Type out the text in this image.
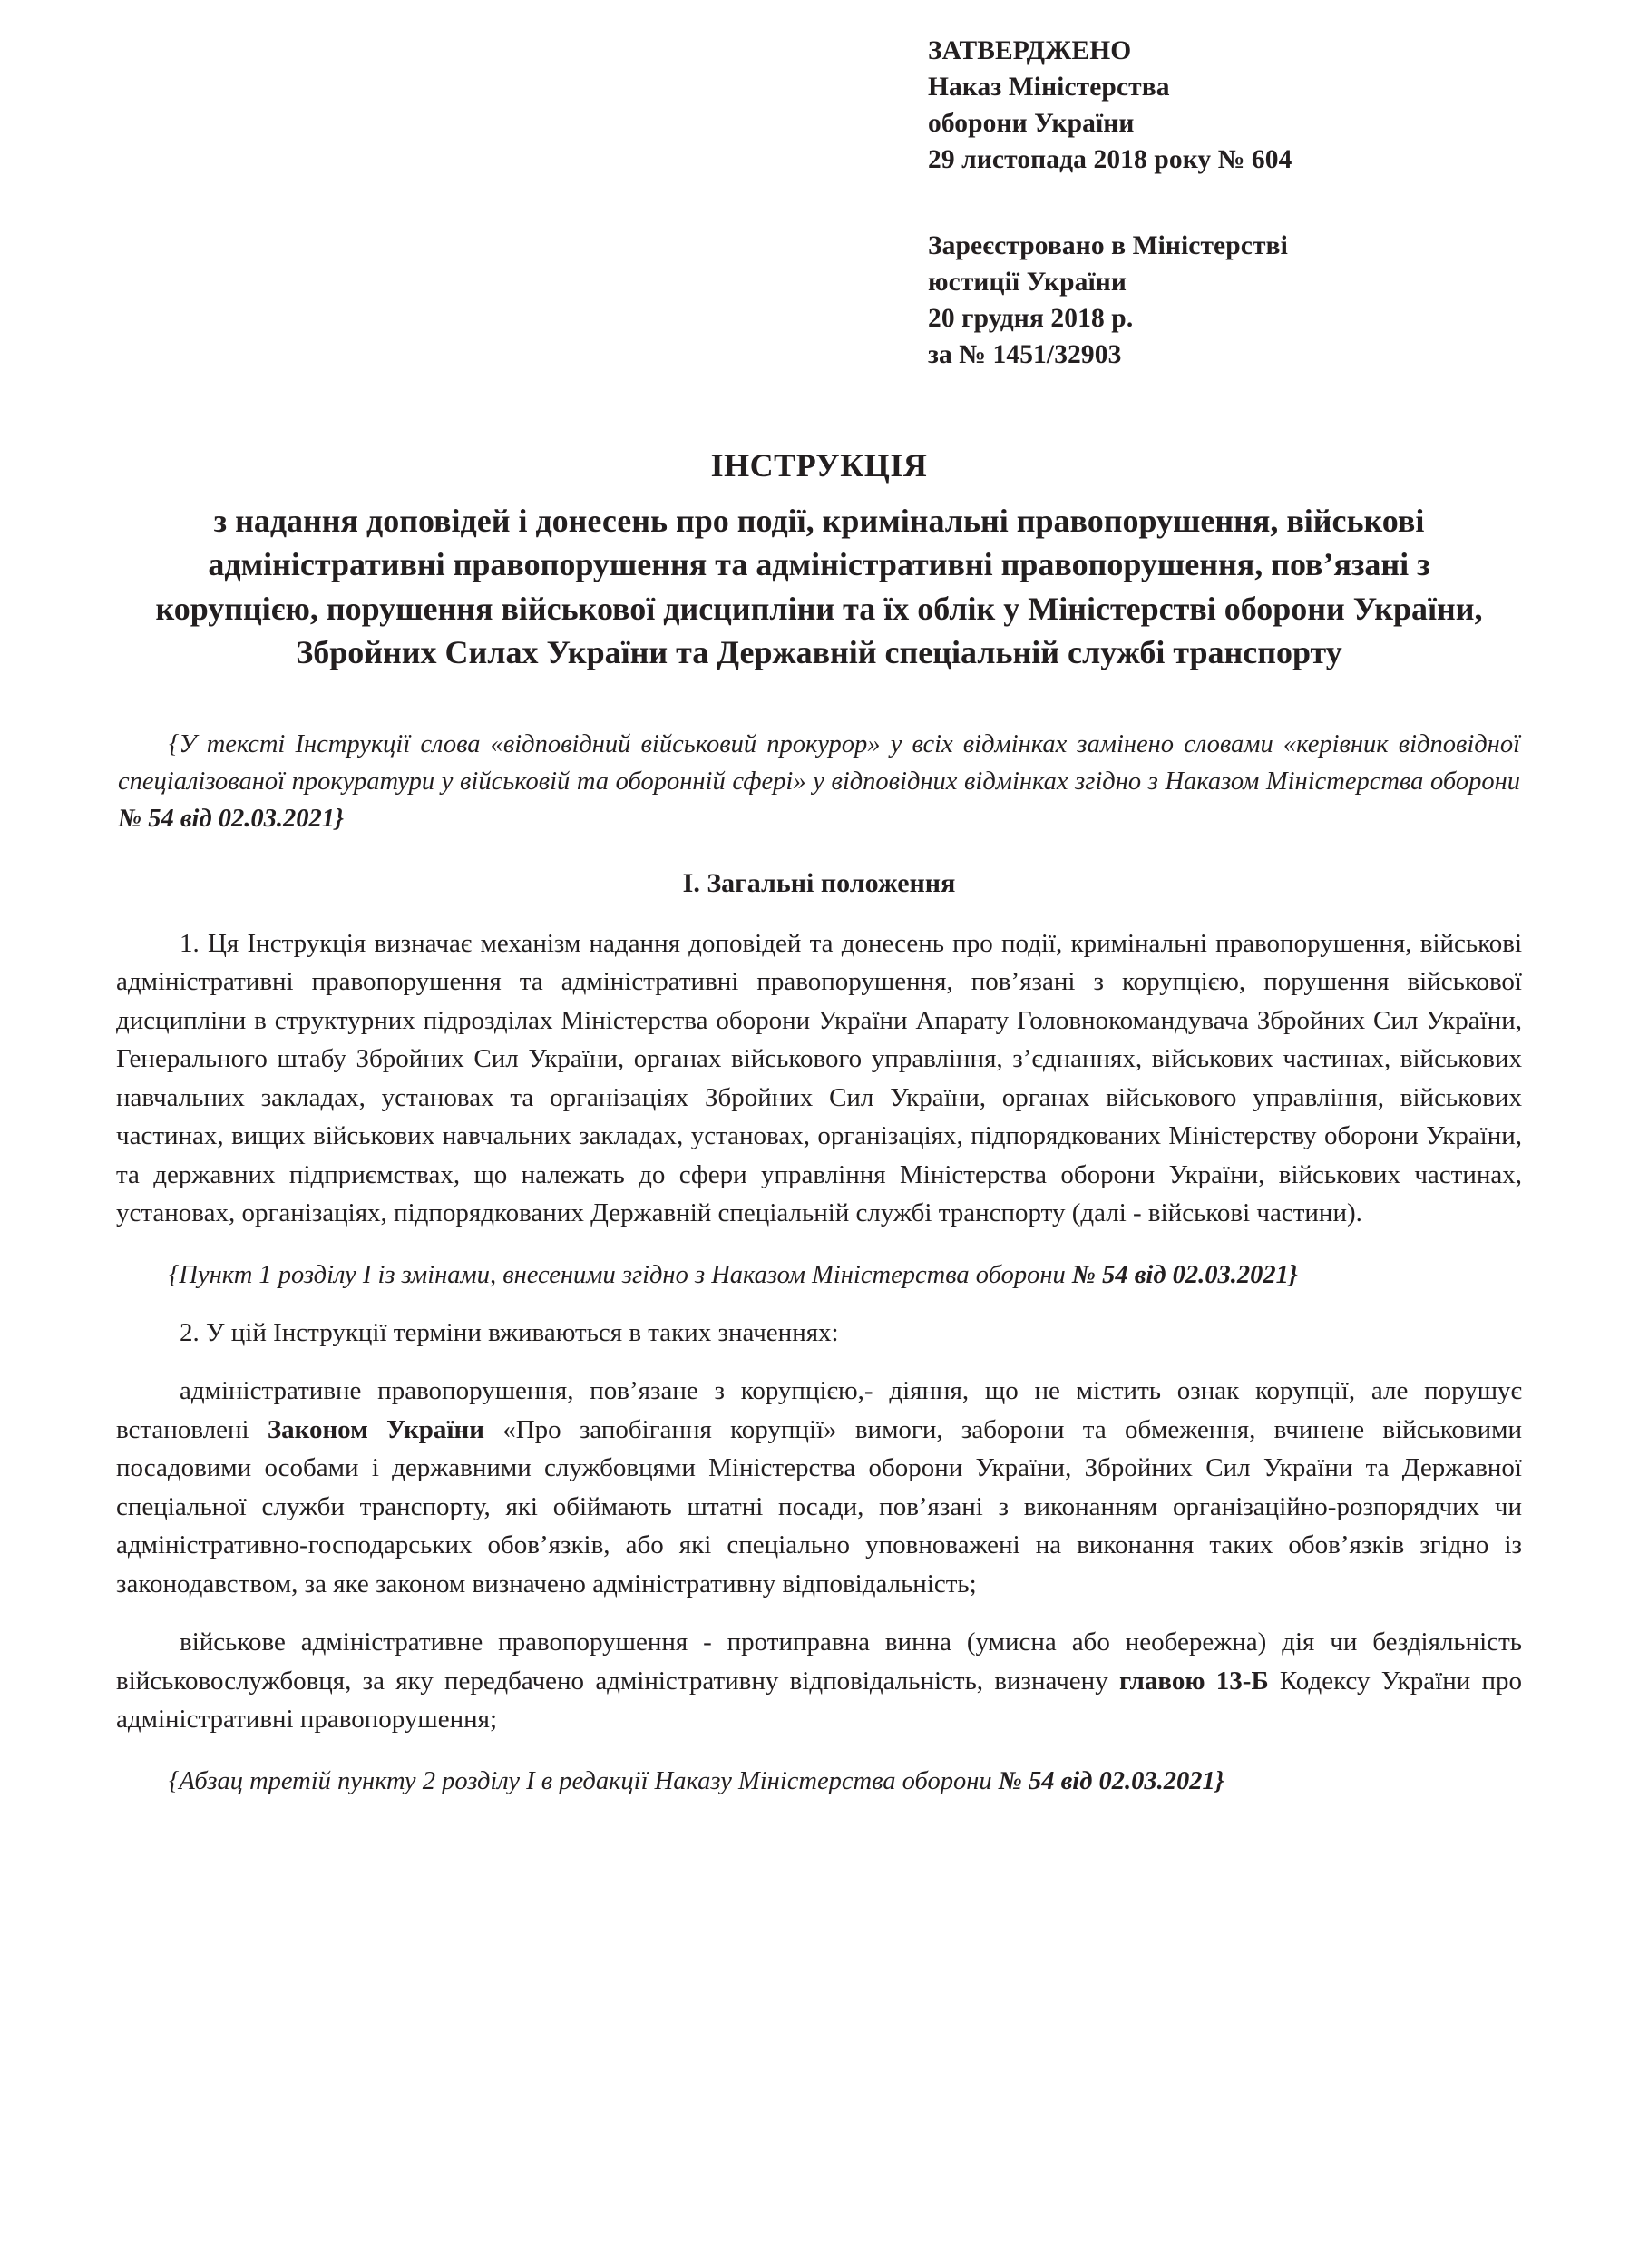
ЗАТВЕРДЖЕНО
Наказ Міністерства
оборони України
29 листопада 2018 року № 604
Зареєстровано в Міністерстві
юстиції України
20 грудня 2018 р.
за № 1451/32903
ІНСТРУКЦІЯ
з надання доповідей і донесень про події, кримінальні правопорушення, військові адміністративні правопорушення та адміністративні правопорушення, пов’язані з корупцією, порушення військової дисципліни та їх облік у Міністерстві оборони України, Збройних Силах України та Державній спеціальній службі транспорту
{У тексті Інструкції слова «відповідний військовий прокурор» у всіх відмінках замінено словами «керівник відповідної спеціалізованої прокуратури у військовій та оборонній сфері» у відповідних відмінках згідно з Наказом Міністерства оборони № 54 від 02.03.2021}
I. Загальні положення
1. Ця Інструкція визначає механізм надання доповідей та донесень про події, кримінальні правопорушення, військові адміністративні правопорушення та адміністративні правопорушення, пов’язані з корупцією, порушення військової дисципліни в структурних підрозділах Міністерства оборони України Апарату Головнокомандувача Збройних Сил України, Генерального штабу Збройних Сил України, органах військового управління, з’єднаннях, військових частинах, військових навчальних закладах, установах та організаціях Збройних Сил України, органах військового управління, військових частинах, вищих військових навчальних закладах, установах, організаціях, підпорядкованих Міністерству оборони України, та державних підприємствах, що належать до сфери управління Міністерства оборони України, військових частинах, установах, організаціях, підпорядкованих Державній спеціальній службі транспорту (далі - військові частини).
{Пункт 1 розділу I із змінами, внесеними згідно з Наказом Міністерства оборони № 54 від 02.03.2021}
2. У цій Інструкції терміни вживаються в таких значеннях:
адміністративне правопорушення, пов’язане з корупцією,- діяння, що не містить ознак корупції, але порушує встановлені Законом України «Про запобігання корупції» вимоги, заборони та обмеження, вчинене військовими посадовими особами і державними службовцями Міністерства оборони України, Збройних Сил України та Державної спеціальної служби транспорту, які обіймають штатні посади, пов’язані з виконанням організаційно-розпорядчих чи адміністративно-господарських обов’язків, або які спеціально уповноважені на виконання таких обов’язків згідно із законодавством, за яке законом визначено адміністративну відповідальність;
військове адміністративне правопорушення - протиправна винна (умисна або необережна) дія чи бездіяльність військовослужбовця, за яку передбачено адміністративну відповідальність, визначену главою 13-Б Кодексу України про адміністративні правопорушення;
{Абзац третій пункту 2 розділу I в редакції Наказу Міністерства оборони № 54 від 02.03.2021}
